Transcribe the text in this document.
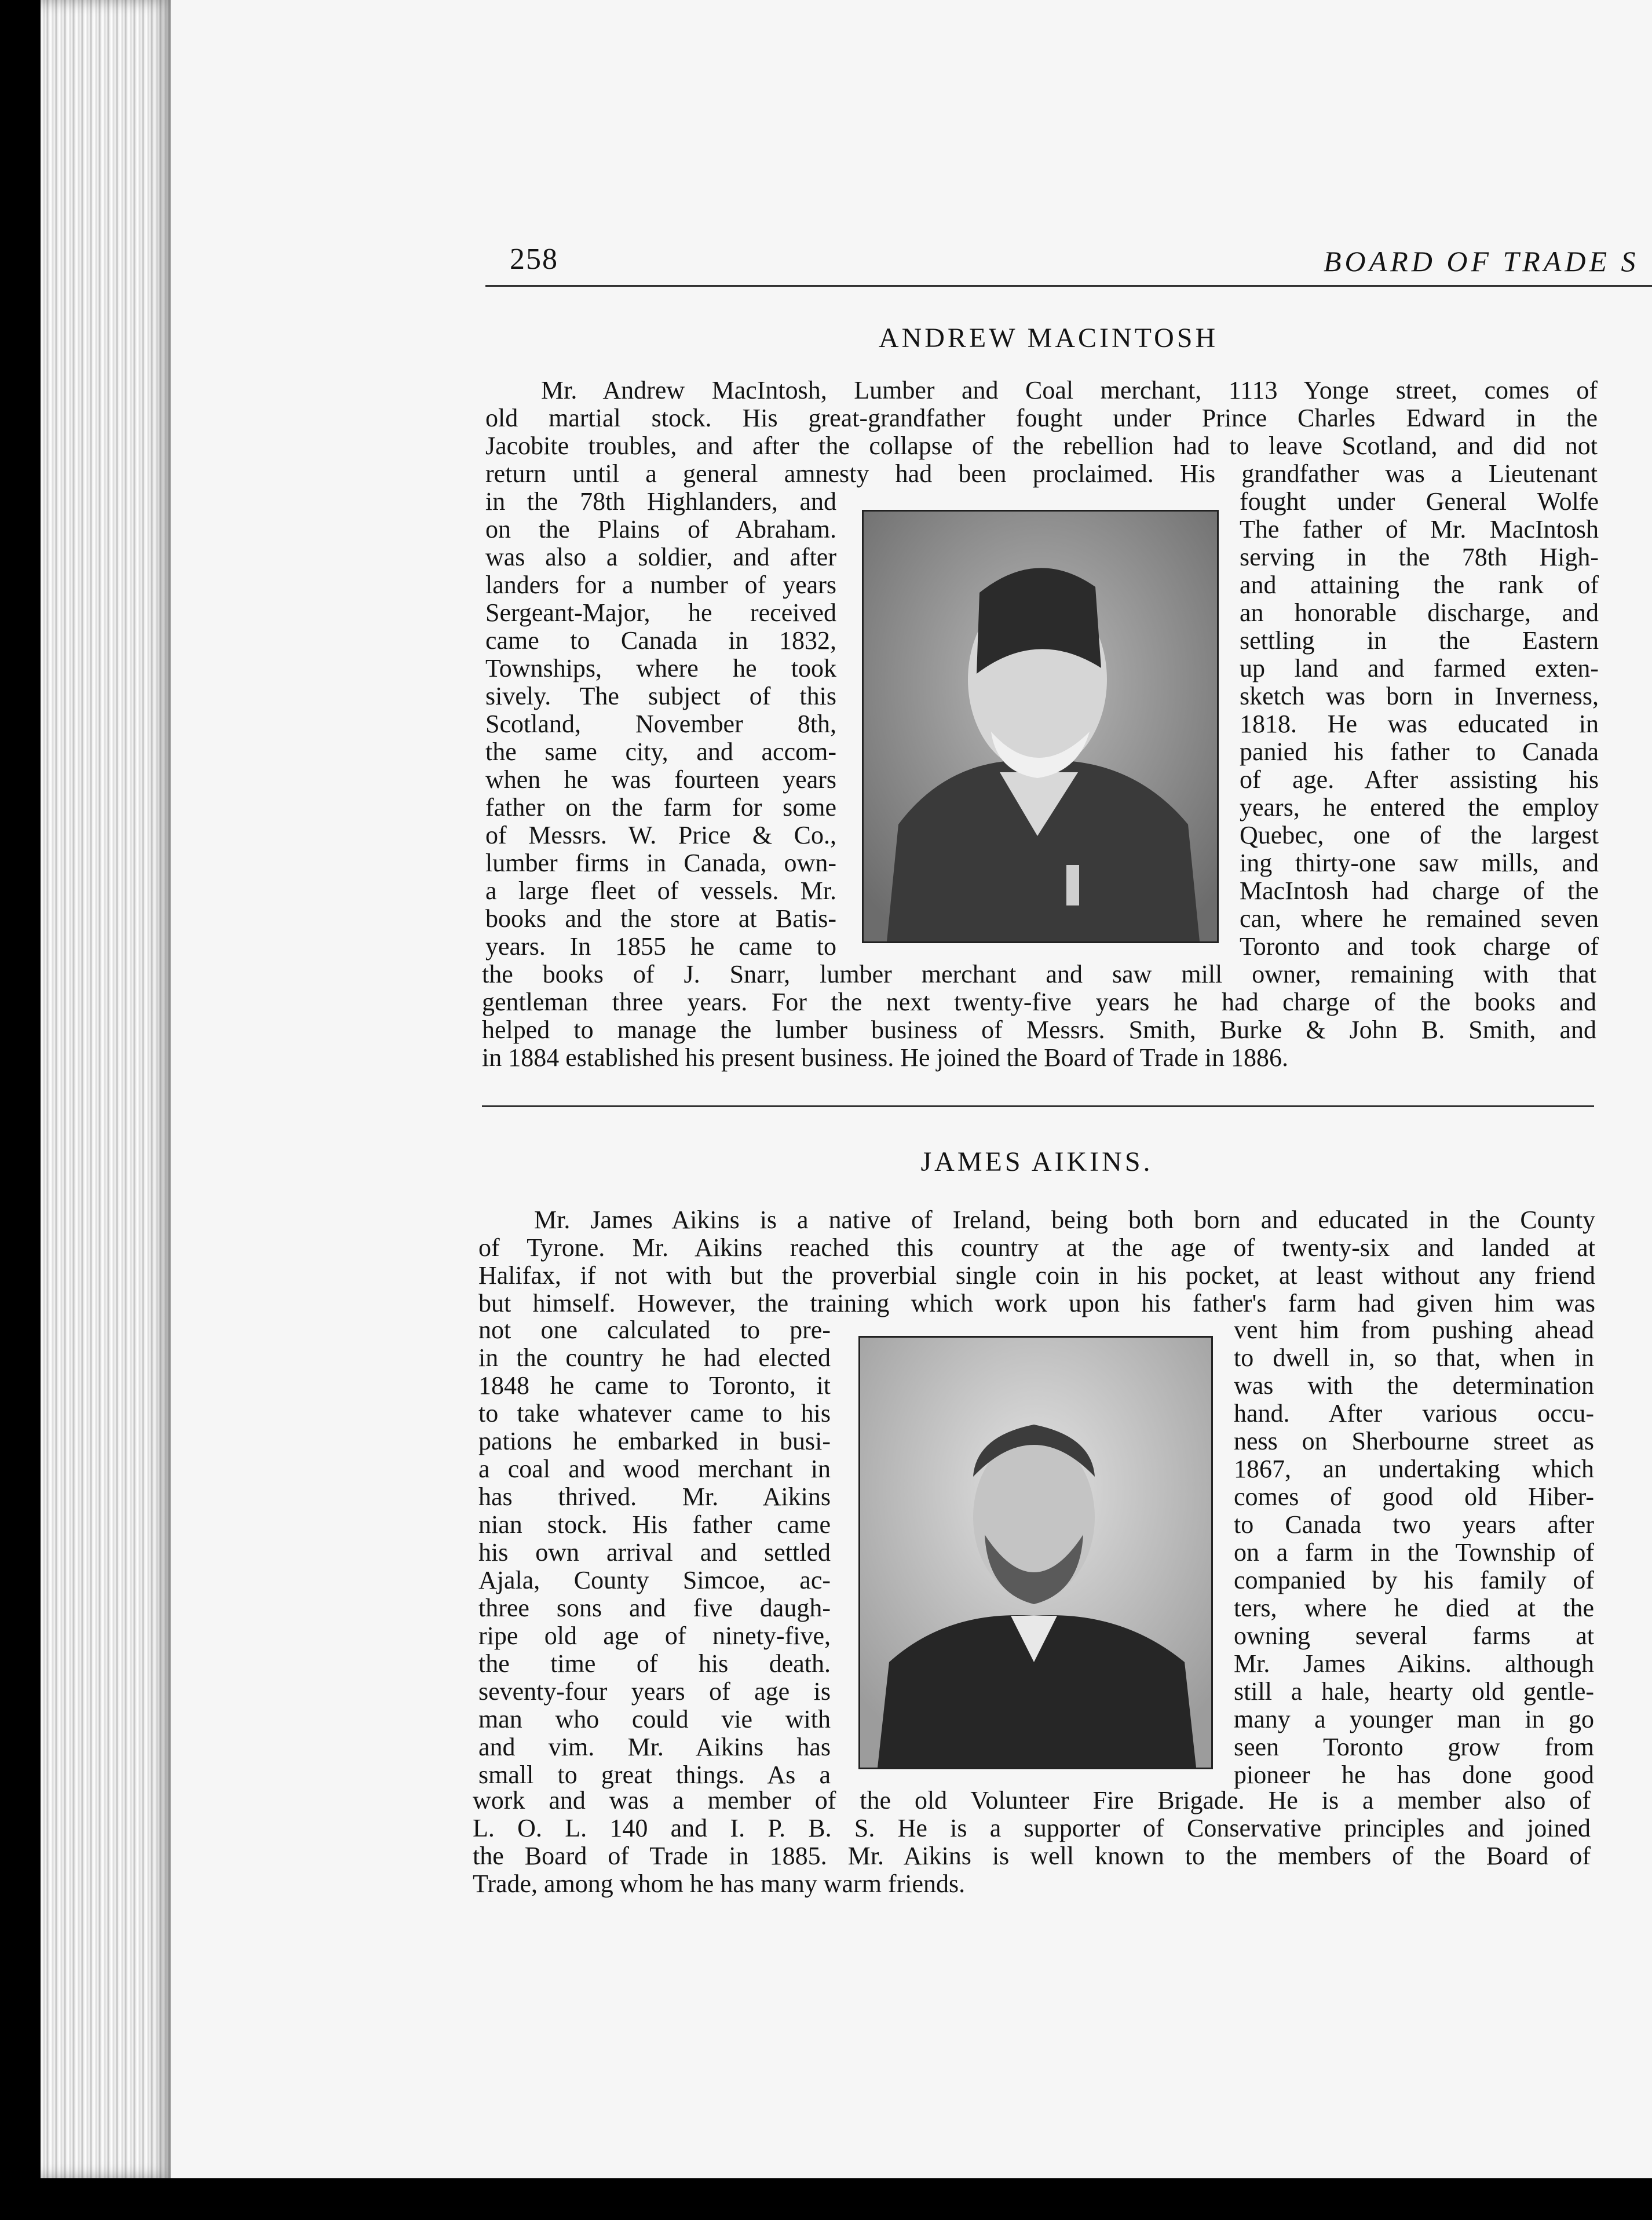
258	BOARD OF TRADE S
ANDREW MACINTOSH
Mr. Andrew MacIntosh, Lumber and Coal merchant, 1113 Yonge street, comes of
old martial stock. His great-grandfather fought under Prince Charles Edward in the
Jacobite troubles, and after the collapse of the rebellion had to leave Scotland, and did not
return until a general amnesty had been proclaimed. His grandfather was a Lieutenant
in the 78th Highlanders, and
on the Plains of Abraham.
was also a soldier, and after
landers for a number of years
Sergeant-Major, he received
came to Canada in 1832,
Townships, where he took
sively. The subject of this
Scotland, November 8th,
the same city, and accom-
when he was fourteen years
father on the farm for some
of Messrs. W. Price & Co.,
lumber firms in Canada, own-
a large fleet of vessels. Mr.
books and the store at Batis-
years. In 1855 he came to
fought under General Wolfe
The father of Mr. MacIntosh
serving in the 78th High-
and attaining the rank of
an honorable discharge, and
settling in the Eastern
up land and farmed exten-
sketch was born in Inverness,
1818. He was educated in
panied his father to Canada
of age. After assisting his
years, he entered the employ
Quebec, one of the largest
ing thirty-one saw mills, and
MacIntosh had charge of the
can, where he remained seven
Toronto and took charge of
the books of J. Snarr, lumber merchant and saw mill owner, remaining with that
gentleman three years. For the next twenty-five years he had charge of the books and
helped to manage the lumber business of Messrs. Smith, Burke & John B. Smith, and
in 1884 established his present business. He joined the Board of Trade in 1886.
JAMES AIKINS.
Mr. James Aikins is a native of Ireland, being both born and educated in the County
of Tyrone. Mr. Aikins reached this country at the age of twenty-six and landed at
Halifax, if not with but the proverbial single coin in his pocket, at least without any friend
but himself. However, the training which work upon his father's farm had given him was
not one calculated to pre-
in the country he had elected
1848 he came to Toronto, it
to take whatever came to his
pations he embarked in busi-
a coal and wood merchant in
has thrived. Mr. Aikins
nian stock. His father came
his own arrival and settled
Ajala, County Simcoe, ac-
three sons and five daugh-
ripe old age of ninety-five,
the time of his death.
seventy-four years of age is
man who could vie with
and vim. Mr. Aikins has
small to great things. As a
vent him from pushing ahead
to dwell in, so that, when in
was with the determination
hand. After various occu-
ness on Sherbourne street as
1867, an undertaking which
comes of good old Hiber-
to Canada two years after
on a farm in the Township of
companied by his family of
ters, where he died at the
owning several farms at
Mr. James Aikins. although
still a hale, hearty old gentle-
many a younger man in go
seen Toronto grow from
pioneer he has done good
work and was a member of the old Volunteer Fire Brigade. He is a member also of
L. O. L. 140 and I. P. B. S. He is a supporter of Conservative principles and joined
the Board of Trade in 1885. Mr. Aikins is well known to the members of the Board of
Trade, among whom he has many warm friends.
